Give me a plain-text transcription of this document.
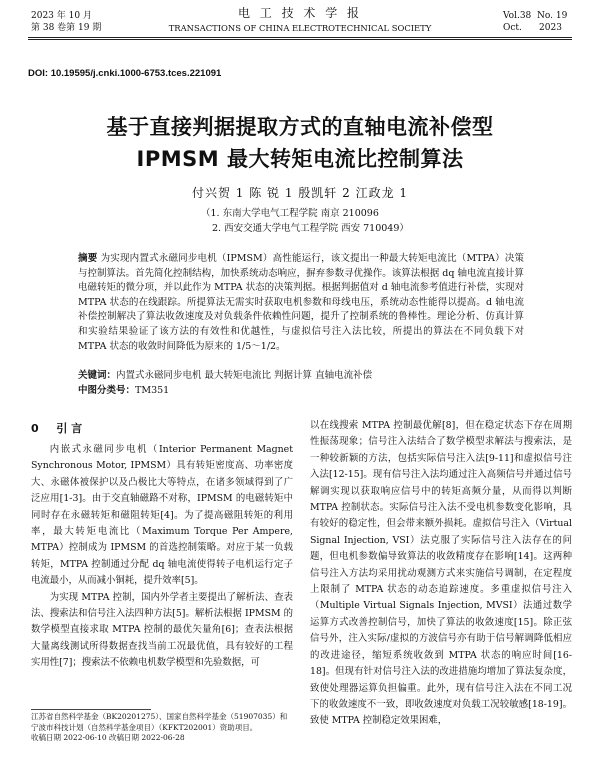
2023 年 10 月
第 38 卷第 19 期
电 工 技 术 学 报
TRANSACTIONS OF CHINA ELECTROTECHNICAL SOCIETY
Vol.38  No. 19
Oct.      2023
DOI: 10.19595/j.cnki.1000-6753.tces.221091
基于直接判据提取方式的直轴电流补偿型
IPMSM 最大转矩电流比控制算法
付兴贺 1 陈 锐 1 殷凯轩 2 江政龙 1
（1. 东南大学电气工程学院 南京 210096
2. 西安交通大学电气工程学院 西安 710049）
摘要 为实现内置式永磁同步电机（IPMSM）高性能运行，该文提出一种最大转矩电流比（MTPA）决策与控制算法。首先简化控制结构，加快系统动态响应，摒弃参数寻优操作。该算法根据 dq 轴电流直接计算电磁转矩的微分项，并以此作为 MTPA 状态的决策判据。根据判据值对 d 轴电流参考值进行补偿，实现对 MTPA 状态的在线跟踪。所提算法无需实时获取电机参数和母线电压，系统动态性能得以提高。d 轴电流补偿控制解决了算法收敛速度及对负载条件依赖性问题，提升了控制系统的鲁棒性。理论分析、仿真计算和实验结果验证了该方法的有效性和优越性，与虚拟信号注入法比较，所提出的算法在不同负载下对 MTPA 状态的收敛时间降低为原来的 1/5～1/2。
关键词：内置式永磁同步电机 最大转矩电流比 判据计算 直轴电流补偿
中图分类号：TM351
0 引 言

内嵌式永磁同步电机（Interior Permanent Magnet Synchronous Motor, IPMSM）具有转矩密度高、功率密度大、永磁体被保护以及凸极比大等特点，在诸多领域得到了广泛应用[1-3]。由于交直轴磁路不对称，IPMSM 的电磁转矩中同时存在永磁转矩和磁阻转矩[4]。为了提高磁阻转矩的利用率，最大转矩电流比（Maximum Torque Per Ampere, MTPA）控制成为 IPMSM 的首选控制策略。对应于某一负载转矩，MTPA 控制通过分配 dq 轴电流使得转子电机运行定子电流最小，从而减小铜耗，提升效率[5]。

为实现 MTPA 控制，国内外学者主要提出了解析法、查表法、搜索法和信号注入法四种方法[5]。解析法根据 IPMSM 的数学模型直接求取 MTPA 控制的最优矢量角[6]；查表法根据大量离线测试所得数据查找当前工况最优值，具有较好的工程实用性[7]；搜索法不依赖电机数学模型和先验数据，可

江苏省自然科学基金（BK20201275）、国家自然科学基金（51907035）和宁波市科技计划（自然科学基金项目）（KFKT202001）资助项目。
收稿日期 2022-06-10 改稿日期 2022-06-28

以在线搜索 MTPA 控制最优解[8]，但在稳定状态下存在周期性振荡现象；信号注入法结合了数学模型求解法与搜索法，是一种较新颖的方法，包括实际信号注入法[9-11]和虚拟信号注入法[12-15]。现有信号注入法均通过注入高频信号并通过信号解调实现以获取响应信号中的转矩高频分量，从而得以判断 MTPA 控制状态。实际信号注入法不受电机参数变化影响，具有较好的稳定性，但会带来额外损耗。虚拟信号注入（Virtual Signal Injection, VSI）法克服了实际信号注入法存在的问题，但电机参数偏导致算法的收敛精度存在影响[14]。这两种信号注入方法均采用扰动观测方式来实施信号调制，在定程度上限制了 MTPA 状态的动态追踪速度。多重虚拟信号注入（Multiple Virtual Signals Injection, MVSI）法通过数学运算方式改善控制信号，加快了算法的收敛速度[15]。除正弦信号外，注入实际/虚拟的方波信号亦有助于信号解调降低相应的改进途径，缩短系统收敛到 MTPA 状态的响应时间[16-18]。但现有针对信号注入法的改进措施均增加了算法复杂度，致使处理器运算负担偏重。此外，现有信号注入法在不同工况下的收敛速度不一致，即收敛速度对负载工况较敏感[18-19]。致使 MTPA 控制稳定效果困难，
